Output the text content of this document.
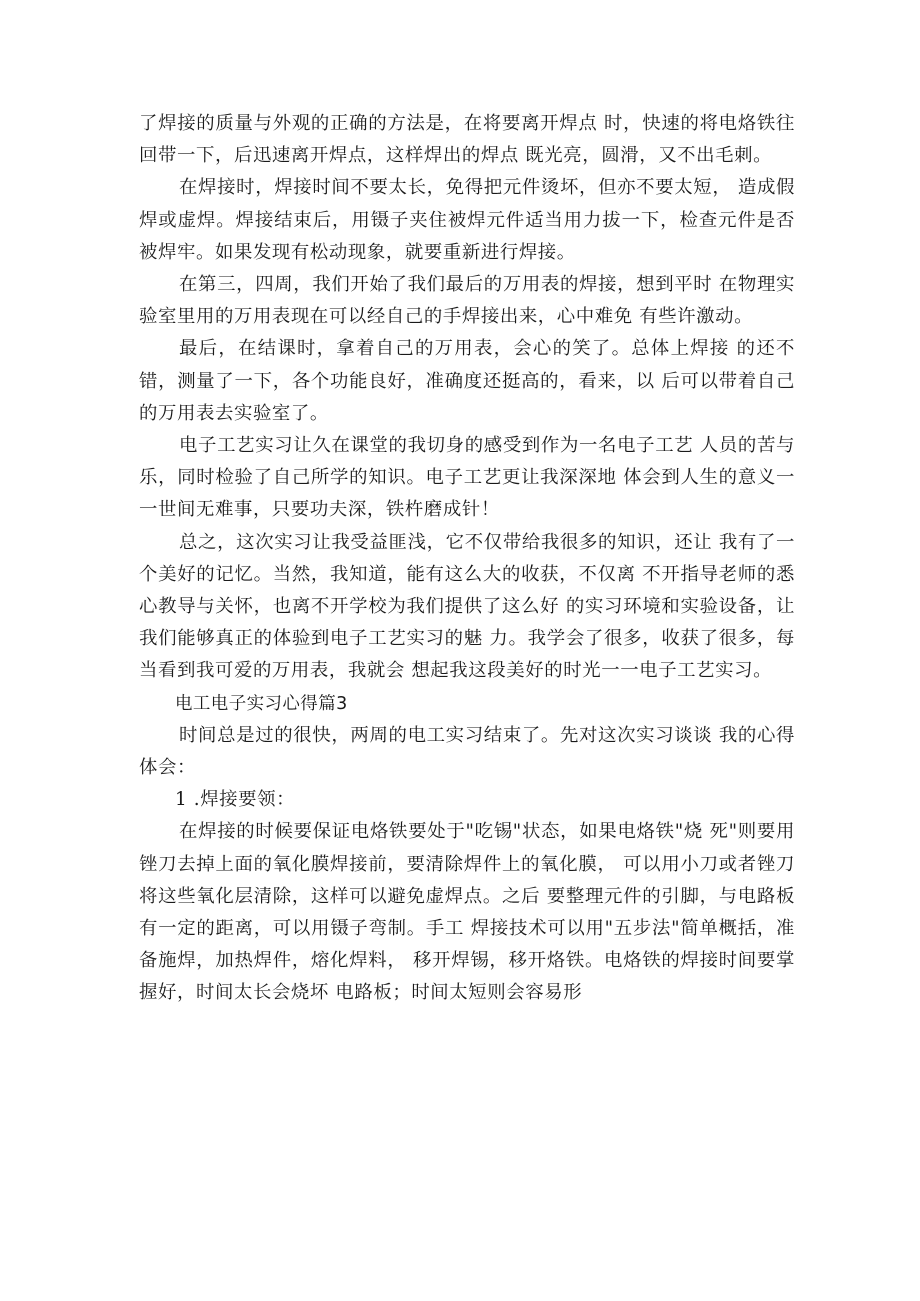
了焊接的质量与外观的正确的方法是，在将要离开焊点 时，快速的将电烙铁往回带一下，后迅速离开焊点，这样焊出的焊点 既光亮，圆滑，又不出毛刺。

在焊接时，焊接时间不要太长，免得把元件烫坏，但亦不要太短， 造成假焊或虚焊。焊接结束后，用镊子夹住被焊元件适当用力拔一下，检查元件是否被焊牢。如果发现有松动现象，就要重新进行焊接。

在第三，四周，我们开始了我们最后的万用表的焊接，想到平时 在物理实验室里用的万用表现在可以经自己的手焊接出来，心中难免 有些许激动。

最后，在结课时，拿着自己的万用表，会心的笑了。总体上焊接 的还不错，测量了一下，各个功能良好，准确度还挺高的，看来，以 后可以带着自己的万用表去实验室了。

电子工艺实习让久在课堂的我切身的感受到作为一名电子工艺 人员的苦与乐，同时检验了自己所学的知识。电子工艺更让我深深地 体会到人生的意义一一世间无难事，只要功夫深，铁杵磨成针！

总之，这次实习让我受益匪浅，它不仅带给我很多的知识，还让 我有了一个美好的记忆。当然，我知道，能有这么大的收获，不仅离 不开指导老师的悉心教导与关怀，也离不开学校为我们提供了这么好 的实习环境和实验设备，让我们能够真正的体验到电子工艺实习的魅 力。我学会了很多，收获了很多，每当看到我可爱的万用表，我就会 想起我这段美好的时光一一电子工艺实习。

电工电子实习心得篇3

时间总是过的很快，两周的电工实习结束了。先对这次实习谈谈 我的心得体会：

1 .焊接要领：

在焊接的时候要保证电烙铁要处于"吃锡"状态，如果电烙铁"烧 死"则要用锉刀去掉上面的氧化膜焊接前，要清除焊件上的氧化膜， 可以用小刀或者锉刀将这些氧化层清除，这样可以避免虚焊点。之后 要整理元件的引脚，与电路板有一定的距离，可以用镊子弯制。手工 焊接技术可以用"五步法"简单概括，准备施焊，加热焊件，熔化焊料， 移开焊锡，移开烙铁。电烙铁的焊接时间要掌握好，时间太长会烧坏 电路板；时间太短则会容易形
